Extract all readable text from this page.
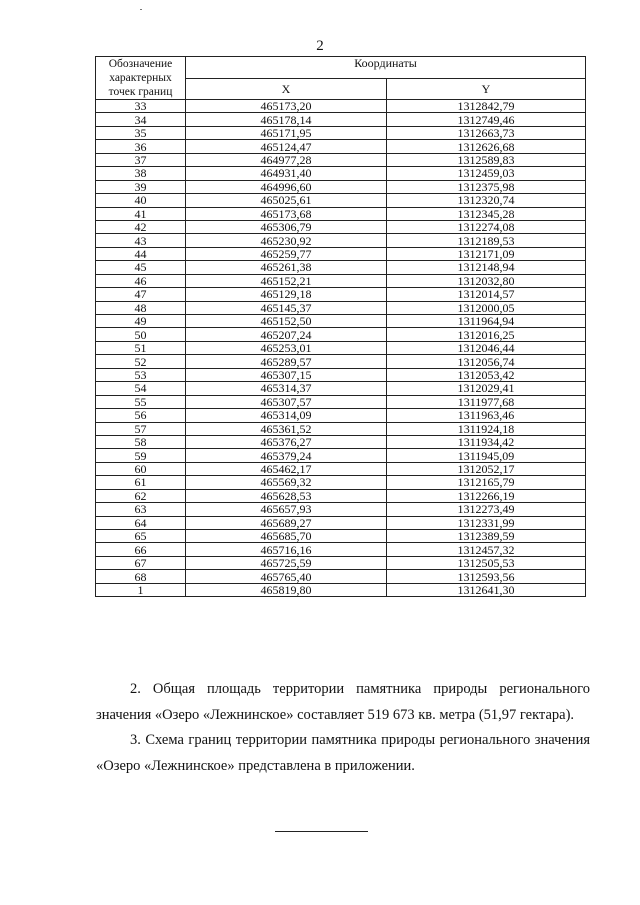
2
Обозначение характерных точек границ	Координаты	
	X	Y
33	465173,20	1312842,79
34	465178,14	1312749,46
35	465171,95	1312663,73
36	465124,47	1312626,68
37	464977,28	1312589,83
38	464931,40	1312459,03
39	464996,60	1312375,98
40	465025,61	1312320,74
41	465173,68	1312345,28
42	465306,79	1312274,08
43	465230,92	1312189,53
44	465259,77	1312171,09
45	465261,38	1312148,94
46	465152,21	1312032,80
47	465129,18	1312014,57
48	465145,37	1312000,05
49	465152,50	1311964,94
50	465207,24	1312016,25
51	465253,01	1312046,44
52	465289,57	1312056,74
53	465307,15	1312053,42
54	465314,37	1312029,41
55	465307,57	1311977,68
56	465314,09	1311963,46
57	465361,52	1311924,18
58	465376,27	1311934,42
59	465379,24	1311945,09
60	465462,17	1312052,17
61	465569,32	1312165,79
62	465628,53	1312266,19
63	465657,93	1312273,49
64	465689,27	1312331,99
65	465685,70	1312389,59
66	465716,16	1312457,32
67	465725,59	1312505,53
68	465765,40	1312593,56
1	465819,80	1312641,30

2. Общая площадь территории памятника природы регионального значения «Озеро «Лежнинское» составляет 519 673 кв. метра (51,97 гектара).

3. Схема границ территории памятника природы регионального значения «Озеро «Лежнинское» представлена в приложении.
